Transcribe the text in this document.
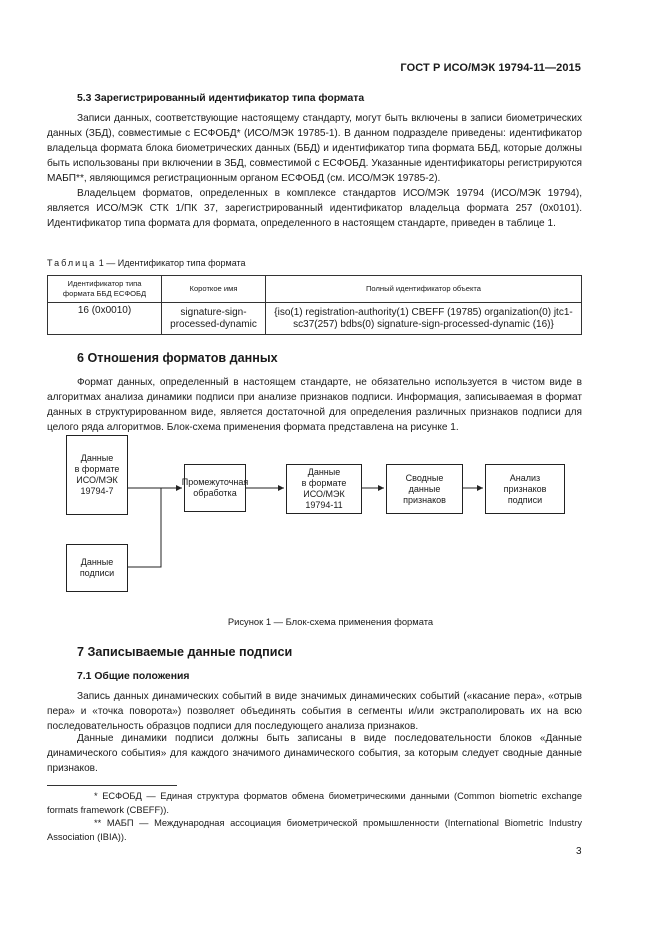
ГОСТ Р ИСО/МЭК 19794-11—2015
5.3 Зарегистрированный идентификатор типа формата

Записи данных, соответствующие настоящему стандарту, могут быть включены в записи биометрических данных (ЗБД), совместимые с ЕСФОБД* (ИСО/МЭК 19785-1). В данном подразделе приведены: идентификатор владельца формата блока биометрических данных (ББД) и идентификатор типа формата ББД, которые должны быть использованы при включении в ЗБД, совместимой с ЕСФОБД. Указанные идентификаторы регистрируются МАБП**, являющимся регистрационным органом ЕСФОБД (см. ИСО/МЭК 19785-2).

Владельцем форматов, определенных в комплексе стандартов ИСО/МЭК 19794 (ИСО/МЭК 19794), является ИСО/МЭК СТК 1/ПК 37, зарегистрированный идентификатор владельца формата 257 (0x0101). Идентификатор типа формата для формата, определенного в настоящем стандарте, приведен в таблице 1.

Таблица 1 — Идентификатор типа формата
Идентификатор типа формата ББД ЕСФОБД	Короткое имя	Полный идентификатор объекта
16 (0x0010)	signature-sign-processed-dynamic	{iso(1) registration-authority(1) CBEFF (19785) organization(0) jtc1-sc37(257) bdbs(0) signature-sign-processed-dynamic (16)}
6 Отношения форматов данных

Формат данных, определенный в настоящем стандарте, не обязательно используется в чистом виде в алгоритмах анализа динамики подписи при анализе признаков подписи. Информация, записываемая в формат данных в структурированном виде, является достаточной для определения различных признаков подписи для целого ряда алгоритмов. Блок-схема применения формата представлена на рисунке 1.

Данные
в формате
ИСО/МЭК
19794-7
Промежуточная
обработка
Данные
в формате
ИСО/МЭК
19794-11
Сводные
данные
признаков
Анализ
признаков
подписи
Данные
подписи
Рисунок 1 — Блок-схема применения формата
7 Записываемые данные подписи
7.1 Общие положения

Запись данных динамических событий в виде значимых динамических событий («касание пера», «отрыв пера» и «точка поворота») позволяет объединять события в сегменты и/или экстраполировать их на всю последовательность образцов подписи для последующего анализа признаков.

Данные динамики подписи должны быть записаны в виде последовательности блоков «Данные динамического события» для каждого значимого динамического события, за которым следует сводные данные признаков.

* ЕСФОБД — Единая структура форматов обмена биометрическими данными (Common biometric exchange formats framework (CBEFF)).

** МАБП — Международная ассоциация биометрической промышленности (International Biometric Industry Association (IBIA)).

3
